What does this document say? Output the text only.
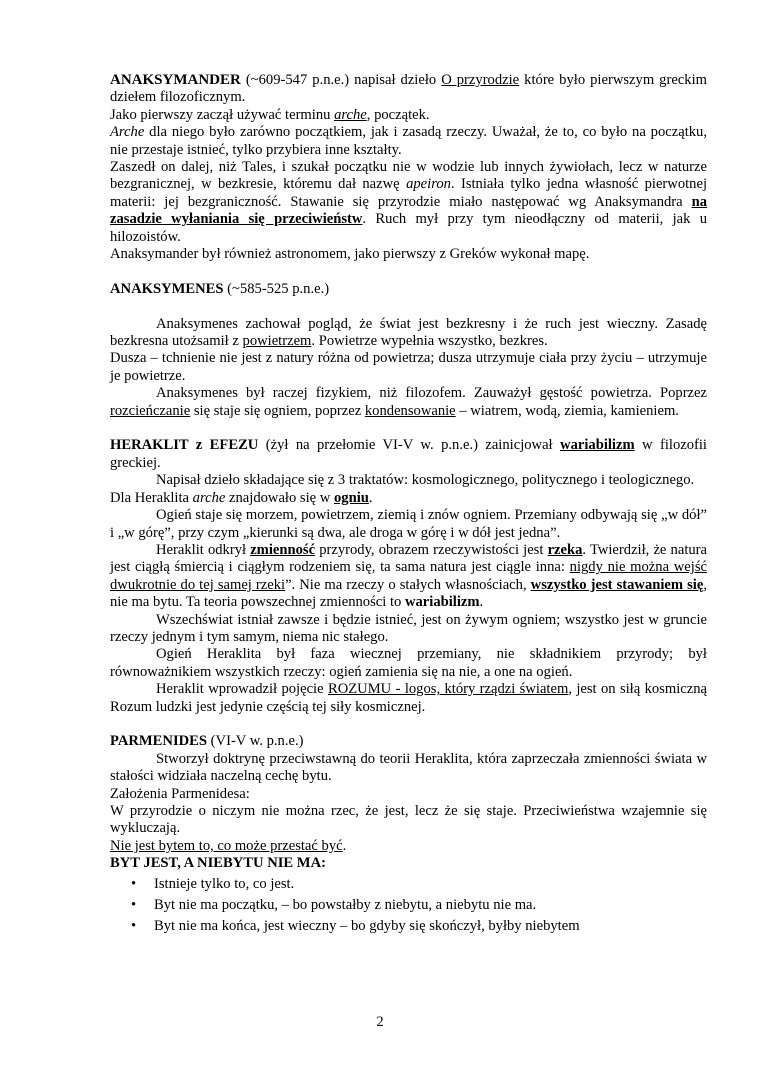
ANAKSYMANDER (~609-547 p.n.e.) napisał dzieło O przyrodzie które było pierwszym greckim dziełem filozoficznym.

Jako pierwszy zaczął używać terminu arche, początek.

Arche dla niego było zarówno początkiem, jak i zasadą rzeczy. Uważał, że to, co było na początku, nie przestaje istnieć, tylko przybiera inne kształty.

Zaszedł on dalej, niż Tales, i szukał początku nie w wodzie lub innych żywiołach, lecz w naturze bezgranicznej, w bezkresie, któremu dał nazwę apeiron. Istniała tylko jedna własność pierwotnej materii: jej bezgraniczność. Stawanie się przyrodzie miało następować wg Anaksymandra na zasadzie wyłaniania się przeciwieństw. Ruch mył przy tym nieodłączny od materii, jak u hilozoistów.

Anaksymander był również astronomem, jako pierwszy z Greków wykonał mapę.

ANAKSYMENES (~585-525 p.n.e.)

Anaksymenes zachował pogląd, że świat jest bezkresny i że ruch jest wieczny. Zasadę bezkresna utożsamił z powietrzem. Powietrze wypełnia wszystko, bezkres.

Dusza – tchnienie nie jest z natury różna od powietrza; dusza utrzymuje ciała przy życiu – utrzymuje je powietrze.

Anaksymenes był raczej fizykiem, niż filozofem. Zauważył gęstość powietrza. Poprzez rozcieńczanie się staje się ogniem, poprzez kondensowanie – wiatrem, wodą, ziemia, kamieniem.

HERAKLIT z EFEZU (żył na przełomie VI-V w. p.n.e.) zainicjował wariabilizm w filozofii greckiej.

Napisał dzieło składające się z 3 traktatów: kosmologicznego, politycznego i teologicznego.

Dla Heraklita arche znajdowało się w ogniu.

Ogień staje się morzem, powietrzem, ziemią i znów ogniem. Przemiany odbywają się „w dół” i „w górę”, przy czym „kierunki są dwa, ale droga w górę i w dół jest jedna”.

Heraklit odkrył zmienność przyrody, obrazem rzeczywistości jest rzeka. Twierdził, że natura jest ciągłą śmiercią i ciągłym rodzeniem się, ta sama natura jest ciągle inna: nigdy nie można wejść dwukrotnie do tej samej rzeki”. Nie ma rzeczy o stałych własnościach, wszystko jest stawaniem się, nie ma bytu. Ta teoria powszechnej zmienności to wariabilizm.

Wszechświat istniał zawsze i będzie istnieć, jest on żywym ogniem; wszystko jest w gruncie rzeczy jednym i tym samym, niema nic stałego.

Ogień Heraklita był faza wiecznej przemiany, nie składnikiem przyrody; był równoważnikiem wszystkich rzeczy: ogień zamienia się na nie, a one na ogień.

Heraklit wprowadził pojęcie ROZUMU - logos, który rządzi światem, jest on siłą kosmiczną Rozum ludzki jest jedynie częścią tej siły kosmicznej.

PARMENIDES (VI-V w. p.n.e.)

Stworzył doktrynę przeciwstawną do teorii Heraklita, która zaprzeczała zmienności świata w stałości widziała naczelną cechę bytu.

Założenia Parmenidesa:

W przyrodzie o niczym nie można rzec, że jest, lecz że się staje. Przeciwieństwa wzajemnie się wykluczają.

Nie jest bytem to, co może przestać być.

BYT JEST, A NIEBYTU NIE MA:

• Istnieje tylko to, co jest.
• Byt nie ma początku, – bo powstałby z niebytu, a niebytu nie ma.
• Byt nie ma końca, jest wieczny – bo gdyby się skończył, byłby niebytem
2
